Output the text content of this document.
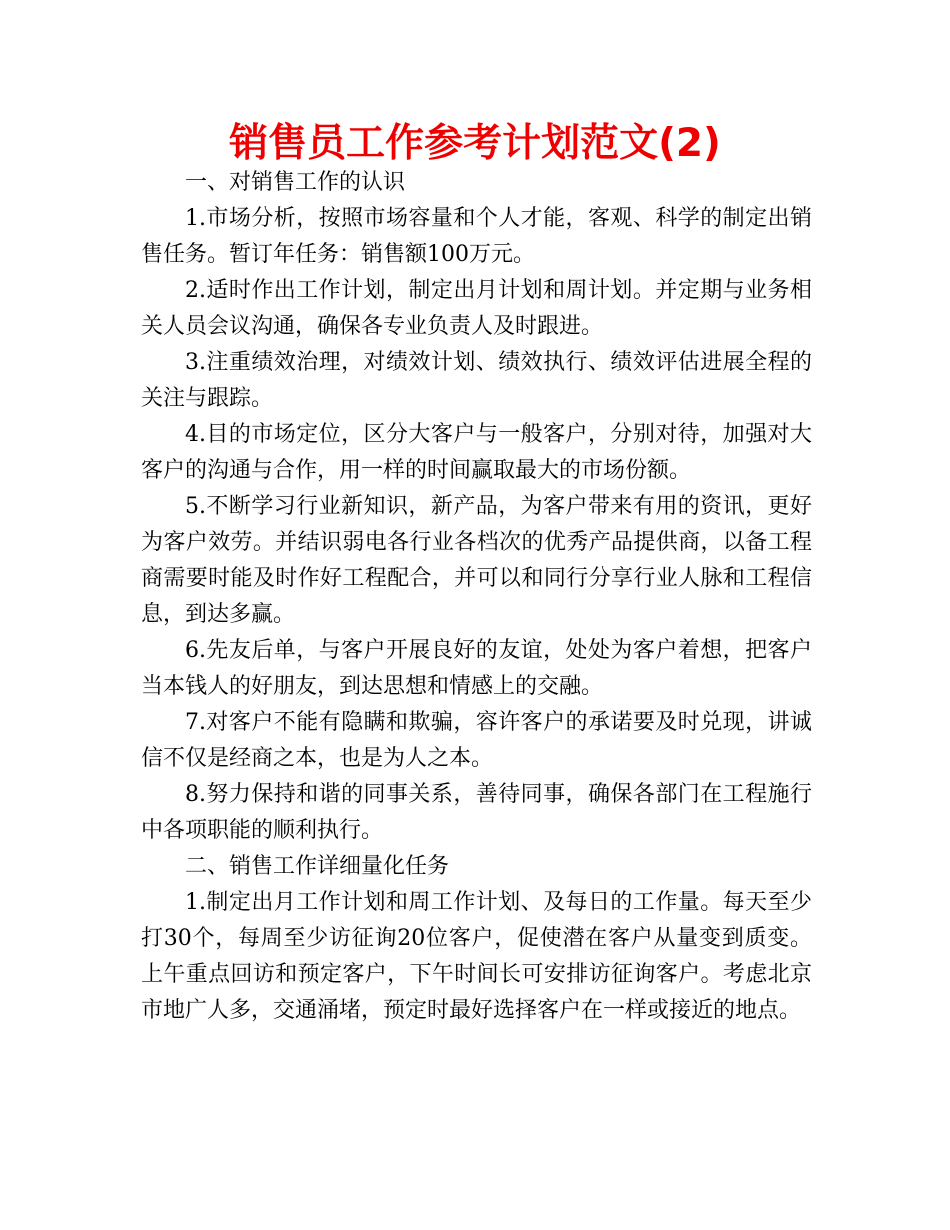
销售员工作参考计划范文(2)

一、对销售工作的认识

1.市场分析，按照市场容量和个人才能，客观、科学的制定出销售任务。暂订年任务：销售额100万元。

2.适时作出工作计划，制定出月计划和周计划。并定期与业务相关人员会议沟通，确保各专业负责人及时跟进。

3.注重绩效治理，对绩效计划、绩效执行、绩效评估进展全程的关注与跟踪。

4.目的市场定位，区分大客户与一般客户，分别对待，加强对大客户的沟通与合作，用一样的时间赢取最大的市场份额。

5.不断学习行业新知识，新产品，为客户带来有用的资讯，更好为客户效劳。并结识弱电各行业各档次的优秀产品提供商，以备工程商需要时能及时作好工程配合，并可以和同行分享行业人脉和工程信息，到达多赢。

6.先友后单，与客户开展良好的友谊，处处为客户着想，把客户当本钱人的好朋友，到达思想和情感上的交融。

7.对客户不能有隐瞒和欺骗，容许客户的承诺要及时兑现，讲诚信不仅是经商之本，也是为人之本。

8.努力保持和谐的同事关系，善待同事，确保各部门在工程施行中各项职能的顺利执行。

二、销售工作详细量化任务

1.制定出月工作计划和周工作计划、及每日的工作量。每天至少打30个，每周至少访征询20位客户，促使潜在客户从量变到质变。上午重点回访和预定客户，下午时间长可安排访征询客户。考虑北京市地广人多，交通涌堵，预定时最好选择客户在一样或接近的地点。
